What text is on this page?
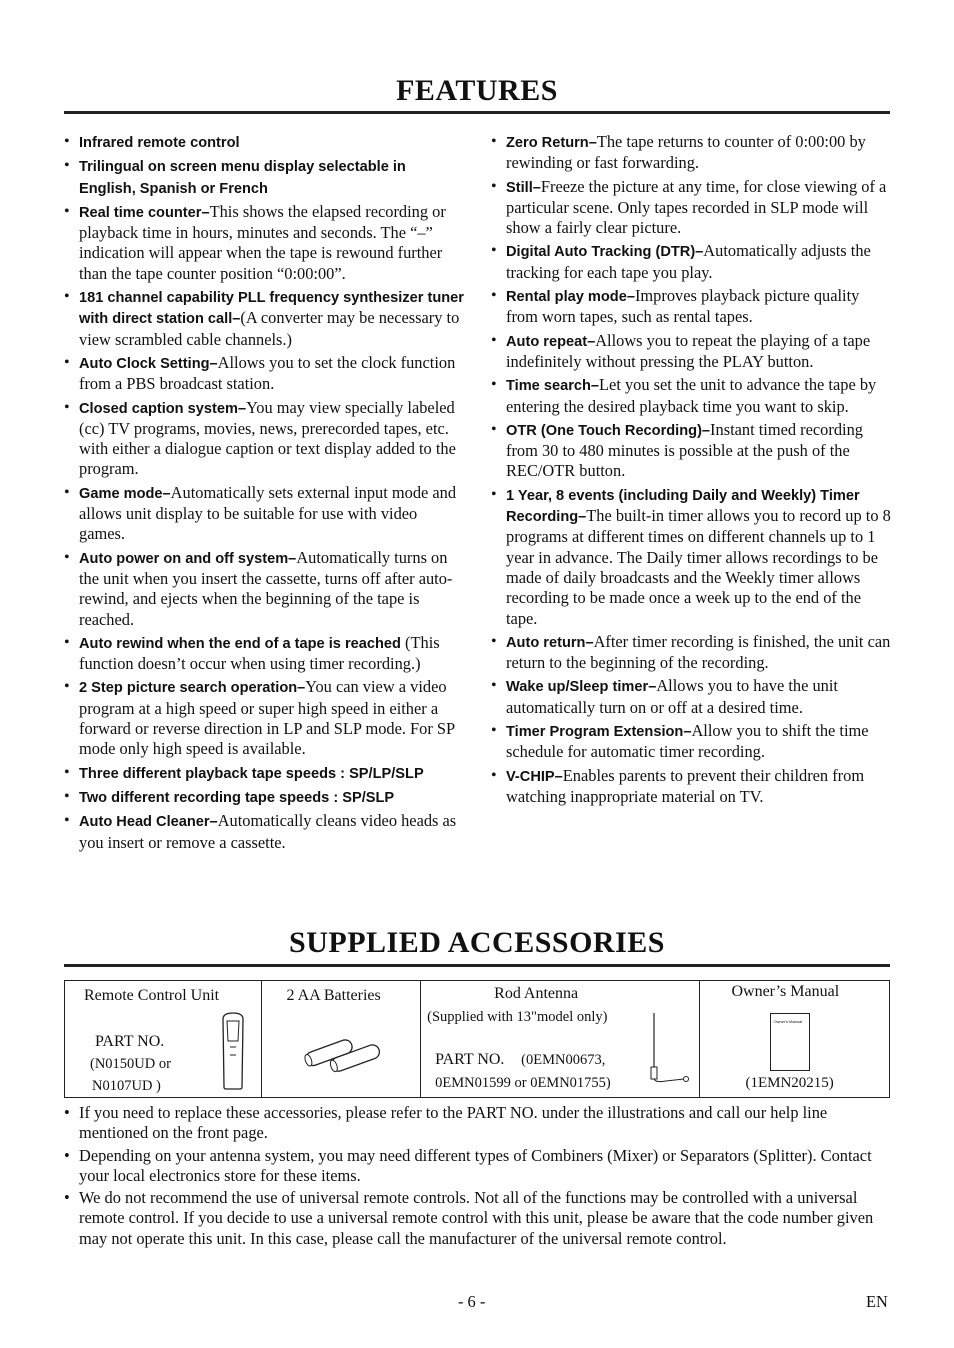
FEATURES
• Infrared remote control
• Trilingual on screen menu display selectable in English, Spanish or French
• Real time counter–This shows the elapsed recording or playback time in hours, minutes and seconds. The “–” indication will appear when the tape is rewound further than the tape counter position “0:00:00”.
• 181 channel capability PLL frequency synthesizer tuner with direct station call–(A converter may be necessary to view scrambled cable channels.)
• Auto Clock Setting–Allows you to set the clock function from a PBS broadcast station.
• Closed caption system–You may view specially labeled (cc) TV programs, movies, news, prerecorded tapes, etc. with either a dialogue caption or text display added to the program.
• Game mode–Automatically sets external input mode and allows unit display to be suitable for use with video games.
• Auto power on and off system–Automatically turns on the unit when you insert the cassette, turns off after auto-rewind, and ejects when the beginning of the tape is reached.
• Auto rewind when the end of a tape is reached (This function doesn’t occur when using timer recording.)
• 2 Step picture search operation–You can view a video program at a high speed or super high speed in either a forward or reverse direction in LP and SLP mode. For SP mode only high speed is available.
• Three different playback tape speeds : SP/LP/SLP
• Two different recording tape speeds : SP/SLP
• Auto Head Cleaner–Automatically cleans video heads as you insert or remove a cassette.
• Zero Return–The tape returns to counter of 0:00:00 by rewinding or fast forwarding.
• Still–Freeze the picture at any time, for close viewing of a particular scene. Only tapes recorded in SLP mode will show a fairly clear picture.
• Digital Auto Tracking (DTR)–Automatically adjusts the tracking for each tape you play.
• Rental play mode–Improves playback picture quality from worn tapes, such as rental tapes.
• Auto repeat–Allows you to repeat the playing of a tape indefinitely without pressing the PLAY button.
• Time search–Let you set the unit to advance the tape by entering the desired playback time you want to skip.
• OTR (One Touch Recording)–Instant timed recording from 30 to 480 minutes is possible at the push of the REC/OTR button.
• 1 Year, 8 events (including Daily and Weekly) Timer Recording–The built-in timer allows you to record up to 8 programs at different times on different channels up to 1 year in advance. The Daily timer allows recordings to be made of daily broadcasts and the Weekly timer allows recording to be made once a week up to the end of the tape.
• Auto return–After timer recording is finished, the unit can return to the beginning of the recording.
• Wake up/Sleep timer–Allows you to have the unit automatically turn on or off at a desired time.
• Timer Program Extension–Allow you to shift the time schedule for automatic timer recording.
• V-CHIP–Enables parents to prevent their children from watching inappropriate material on TV.
SUPPLIED ACCESSORIES
Remote Control Unit
PART NO.
(N0150UD or
N0107UD )
2 AA Batteries	Rod Antenna
(Supplied with 13"model only)
PART NO. (0EMN00673,
0EMN01599 or 0EMN01755)
Owner’s Manual
Owner's Manual
(1EMN20215)
• If you need to replace these accessories, please refer to the PART NO. under the illustrations and call our help line mentioned on the front page.
• Depending on your antenna system, you may need different types of Combiners (Mixer) or Separators (Splitter). Contact your local electronics store for these items.
• We do not recommend the use of universal remote controls. Not all of the functions may be controlled with a universal remote control. If you decide to use a universal remote control with this unit, please be aware that the code number given may not operate this unit. In this case, please call the manufacturer of the universal remote control.
- 6 -	EN
